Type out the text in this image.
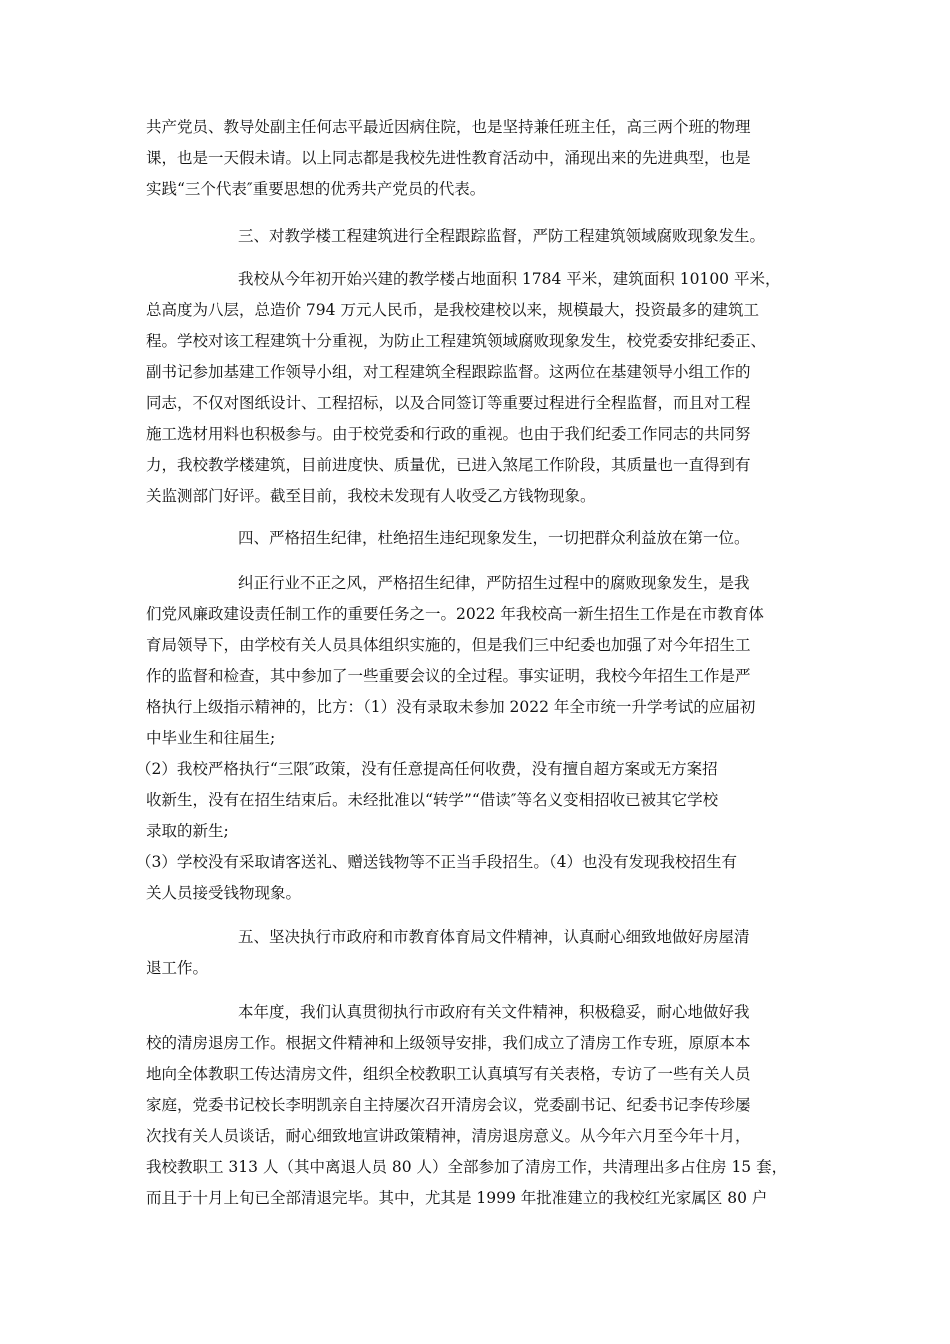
共产党员、教导处副主任何志平最近因病住院，也是坚持兼任班主任，高三两个班的物理

课，也是一天假未请。以上同志都是我校先进性教育活动中，涌现出来的先进典型，也是

实践“三个代表″重要思想的优秀共产党员的代表。

三、对教学楼工程建筑进行全程跟踪监督，严防工程建筑领域腐败现象发生。

我校从今年初开始兴建的教学楼占地面积 1784 平米，建筑面积 10100 平米，

总高度为八层，总造价 794 万元人民币，是我校建校以来，规模最大，投资最多的建筑工

程。学校对该工程建筑十分重视，为防止工程建筑领域腐败现象发生，校党委安排纪委正、

副书记参加基建工作领导小组，对工程建筑全程跟踪监督。这两位在基建领导小组工作的

同志，不仅对图纸设计、工程招标，以及合同签订等重要过程进行全程监督，而且对工程

施工选材用料也积极参与。由于校党委和行政的重视。也由于我们纪委工作同志的共同努

力，我校教学楼建筑，目前进度快、质量优，已进入煞尾工作阶段，其质量也一直得到有

关监测部门好评。截至目前，我校未发现有人收受乙方钱物现象。

四、严格招生纪律，杜绝招生违纪现象发生，一切把群众利益放在第一位。

纠正行业不正之风，严格招生纪律，严防招生过程中的腐败现象发生，是我

们党风廉政建设责任制工作的重要任务之一。2022 年我校高一新生招生工作是在市教育体

育局领导下，由学校有关人员具体组织实施的，但是我们三中纪委也加强了对今年招生工

作的监督和检查，其中参加了一些重要会议的全过程。事实证明，我校今年招生工作是严

格执行上级指示精神的，比方：（1）没有录取未参加 2022 年全市统一升学考试的应届初

中毕业生和往届生;

（2）我校严格执行“三限″政策，没有任意提高任何收费，没有擅自超方案或无方案招

收新生，没有在招生结束后。未经批准以“转学”“借读″等名义变相招收已被其它学校

录取的新生;

（3）学校没有采取请客送礼、赠送钱物等不正当手段招生。（4）也没有发现我校招生有

关人员接受钱物现象。

五、坚决执行市政府和市教育体育局文件精神，认真耐心细致地做好房屋清

退工作。

本年度，我们认真贯彻执行市政府有关文件精神，积极稳妥，耐心地做好我

校的清房退房工作。根据文件精神和上级领导安排，我们成立了清房工作专班，原原本本

地向全体教职工传达清房文件，组织全校教职工认真填写有关表格，专访了一些有关人员

家庭，党委书记校长李明凯亲自主持屡次召开清房会议，党委副书记、纪委书记李传珍屡

次找有关人员谈话，耐心细致地宣讲政策精神，清房退房意义。从今年六月至今年十月，

我校教职工 313 人（其中离退人员 80 人）全部参加了清房工作，共清理出多占住房 15 套，

而且于十月上旬已全部清退完毕。其中，尤其是 1999 年批准建立的我校红光家属区 80 户
